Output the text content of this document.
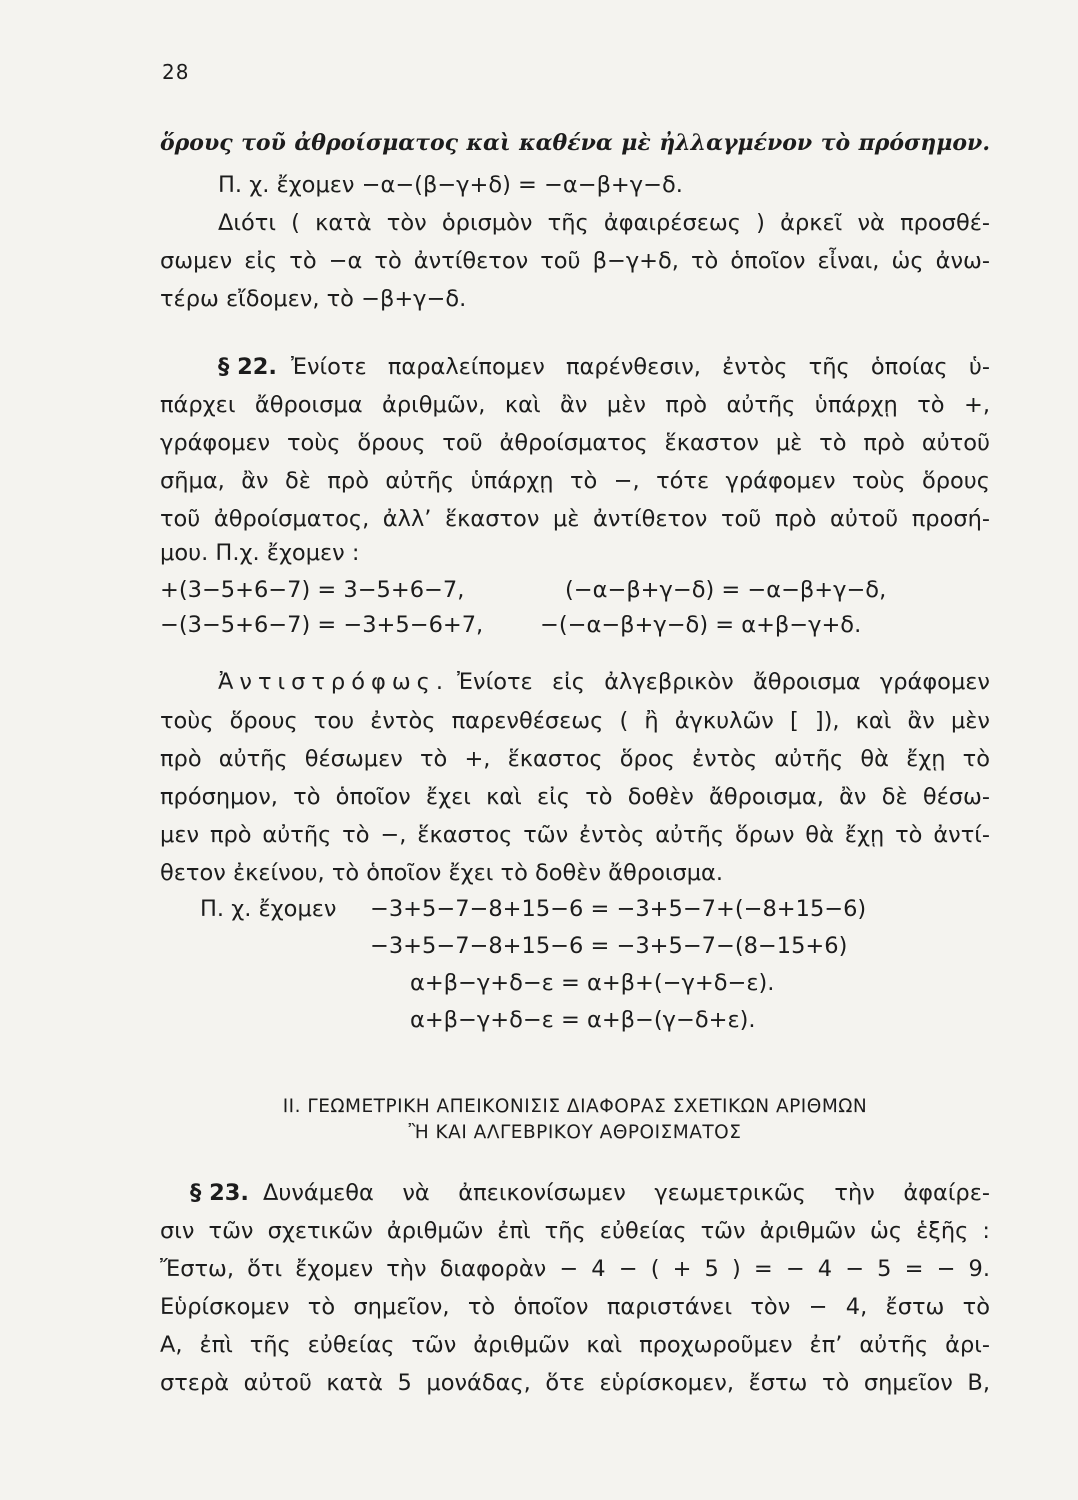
28
ὅρους τοῦ ἀθροίσματος καὶ καθένα μὲ ἠλλαγμένον τὸ πρόσημον.
Π. χ. ἔχομεν −α−(β−γ+δ) = −α−β+γ−δ.
Διότι ( κατὰ τὸν ὁρισμὸν τῆς ἀφαιρέσεως ) ἀρκεῖ νὰ προσθέ-
σωμεν εἰς τὸ −α τὸ ἀντίθετον τοῦ β−γ+δ, τὸ ὁποῖον εἶναι, ὡς ἀνω-
τέρω εἴδομεν, τὸ −β+γ−δ.
§ 22. Ἐνίοτε παραλείπομεν παρένθεσιν, ἐντὸς τῆς ὁποίας ὑ-
πάρχει ἄθροισμα ἀριθμῶν, καὶ ἂν μὲν πρὸ αὐτῆς ὑπάρχῃ τὸ +,
γράφομεν τοὺς ὅρους τοῦ ἀθροίσματος ἕκαστον μὲ τὸ πρὸ αὐτοῦ
σῆμα, ἂν δὲ πρὸ αὐτῆς ὑπάρχῃ τὸ −, τότε γράφομεν τοὺς ὅρους
τοῦ ἀθροίσματος, ἀλλ’ ἕκαστον μὲ ἀντίθετον τοῦ πρὸ αὐτοῦ προσή-
μου. Π.χ. ἔχομεν :
+(3−5+6−7) = 3−5+6−7,	(−α−β+γ−δ) = −α−β+γ−δ,
−(3−5+6−7) = −3+5−6+7,	−(−α−β+γ−δ) = α+β−γ+δ.
Ἀντιστρόφως. Ἐνίοτε εἰς ἀλγεβρικὸν ἄθροισμα γράφομεν
τοὺς ὅρους του ἐντὸς παρενθέσεως ( ἢ ἀγκυλῶν [ ]), καὶ ἂν μὲν
πρὸ αὐτῆς θέσωμεν τὸ +, ἕκαστος ὅρος ἐντὸς αὐτῆς θὰ ἔχῃ τὸ
πρόσημον, τὸ ὁποῖον ἔχει καὶ εἰς τὸ δοθὲν ἄθροισμα, ἂν δὲ θέσω-
μεν πρὸ αὐτῆς τὸ −, ἕκαστος τῶν ἐντὸς αὐτῆς ὅρων θὰ ἔχῃ τὸ ἀντί-
θετον ἐκείνου, τὸ ὁποῖον ἔχει τὸ δοθὲν ἄθροισμα.
Π. χ. ἔχομεν −3+5−7−8+15−6 = −3+5−7+(−8+15−6)
−3+5−7−8+15−6 = −3+5−7−(8−15+6)
α+β−γ+δ−ε = α+β+(−γ+δ−ε).
α+β−γ+δ−ε = α+β−(γ−δ+ε).
ΙΙ. ΓΕΩΜΕΤΡΙΚΗ ΑΠΕΙΚΟΝΙΣΙΣ ΔΙΑΦΟΡΑΣ ΣΧΕΤΙΚΩΝ ΑΡΙΘΜΩΝ
Ἢ ΚΑΙ ΑΛΓΕΒΡΙΚΟΥ ΑΘΡΟΙΣΜΑΤΟΣ
§ 23. Δυνάμεθα νὰ ἀπεικονίσωμεν γεωμετρικῶς τὴν ἀφαίρε-
σιν τῶν σχετικῶν ἀριθμῶν ἐπὶ τῆς εὐθείας τῶν ἀριθμῶν ὡς ἑξῆς :
Ἔστω, ὅτι ἔχομεν τὴν διαφορὰν − 4 − ( + 5 ) = − 4 − 5 = − 9.
Εὑρίσκομεν τὸ σημεῖον, τὸ ὁποῖον παριστάνει τὸν − 4, ἔστω τὸ
Α, ἐπὶ τῆς εὐθείας τῶν ἀριθμῶν καὶ προχωροῦμεν ἐπ’ αὐτῆς ἀρι-
στερὰ αὐτοῦ κατὰ 5 μονάδας, ὅτε εὑρίσκομεν, ἔστω τὸ σημεῖον Β,
